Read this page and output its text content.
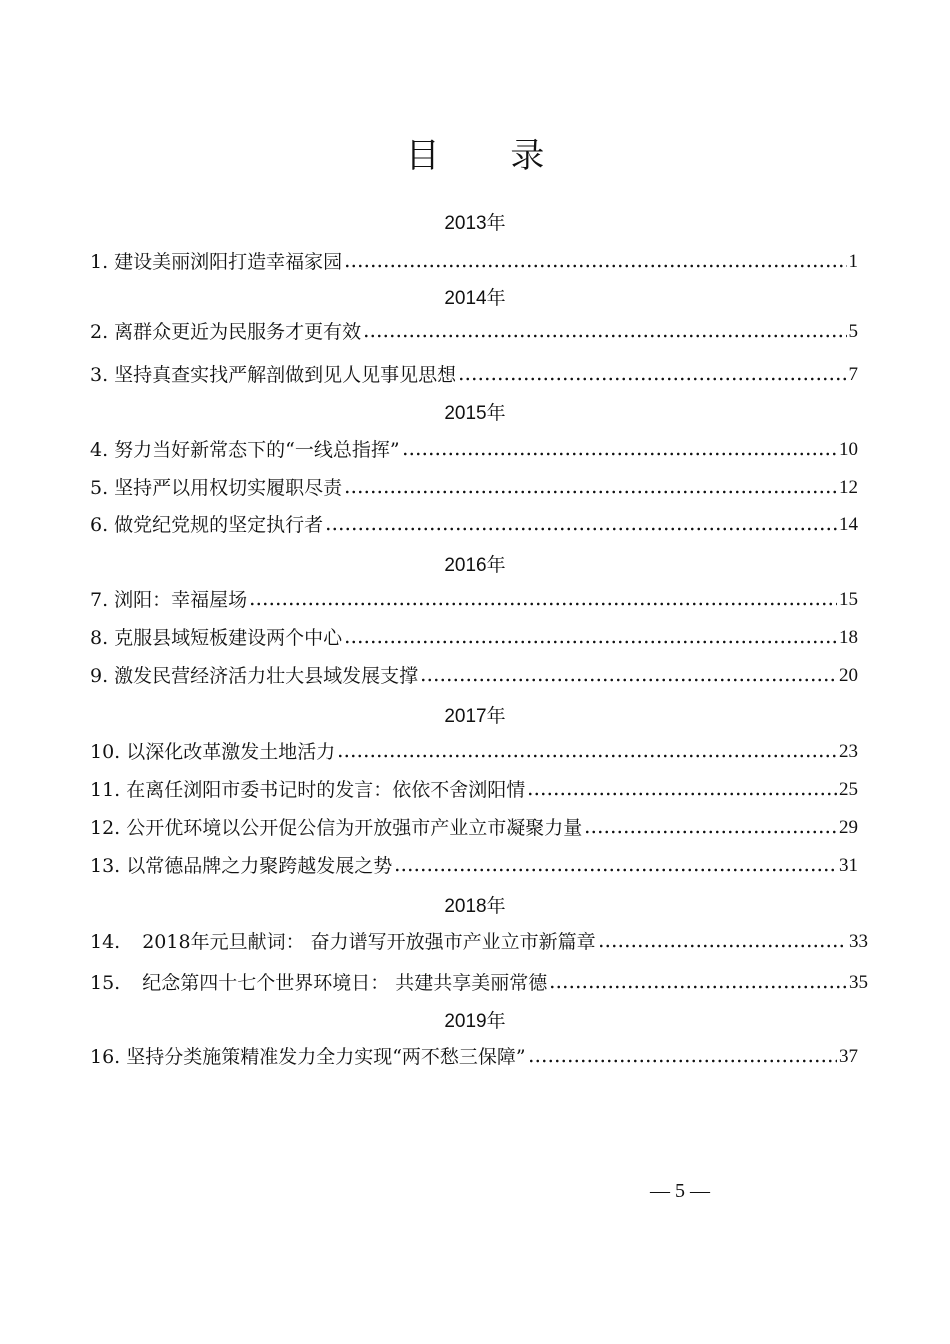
目 录
2013年
1. 建设美丽浏阳打造幸福家园	1
2014年
2. 离群众更近为民服务才更有效	5
3. 坚持真查实找严解剖做到见人见事见思想	7
2015年
4. 努力当好新常态下的“一线总指挥”	10
5. 坚持严以用权切实履职尽责	12
6. 做党纪党规的坚定执行者	14
2016年
7. 浏阳：幸福屋场	15
8. 克服县域短板建设两个中心	18
9. 激发民营经济活力壮大县域发展支撑	20
2017年
10. 以深化改革激发土地活力	23
11. 在离任浏阳市委书记时的发言：依依不舍浏阳情	25
12. 公开优环境以公开促公信为开放强市产业立市凝聚力量	29
13. 以常德品牌之力聚跨越发展之势	31
2018年
14. 2018年元旦献词： 奋力谱写开放强市产业立市新篇章	33
15. 纪念第四十七个世界环境日： 共建共享美丽常德	35
2019年
16. 坚持分类施策精准发力全力实现“两不愁三保障”	37
— 5 —
